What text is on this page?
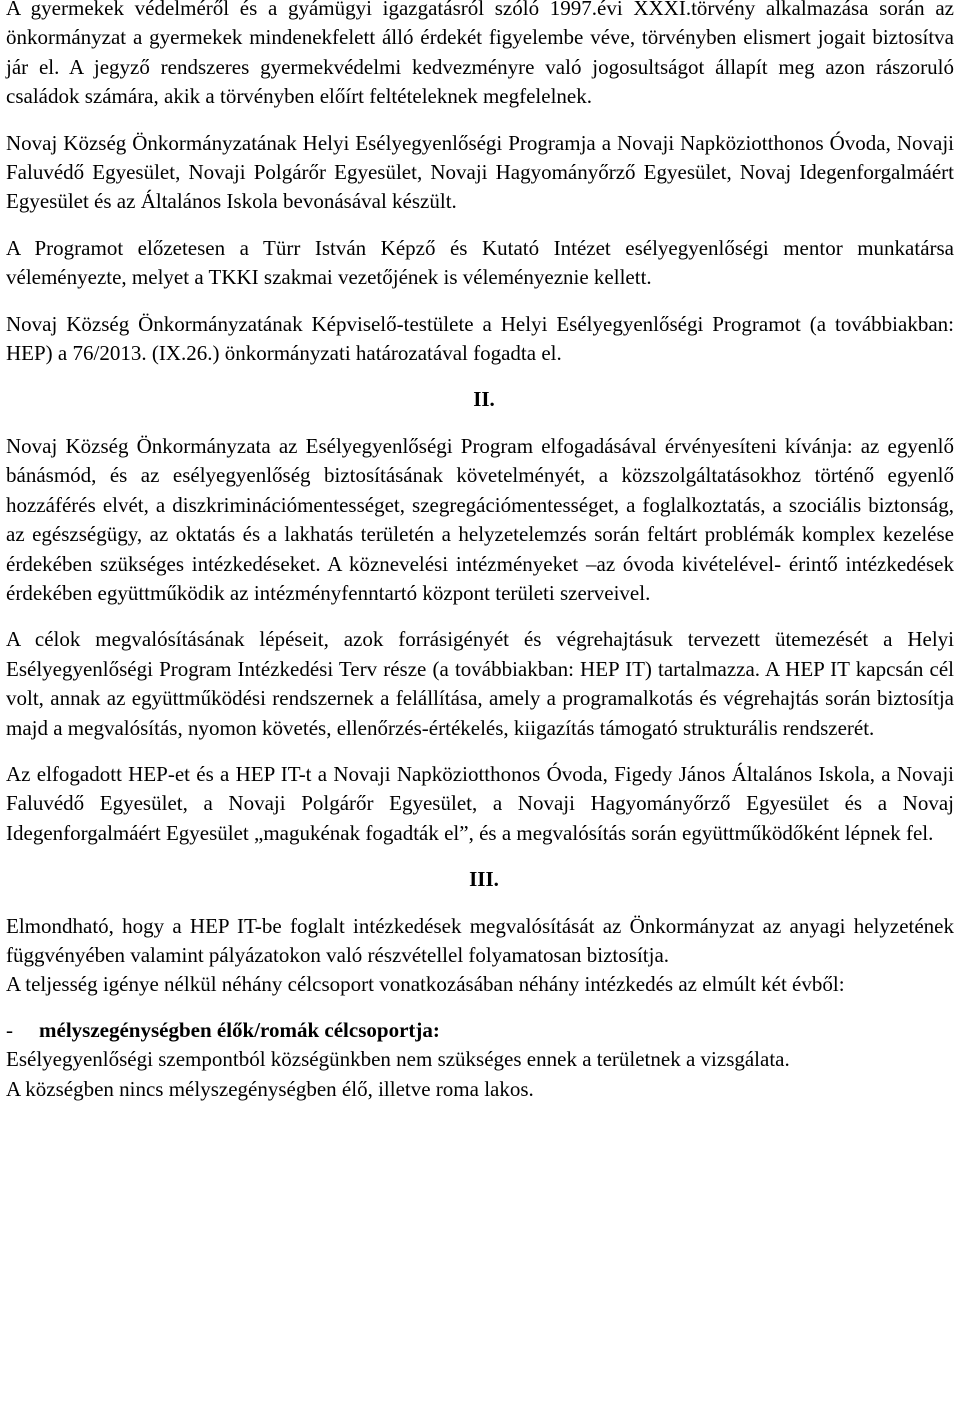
A gyermekek védelméről és a gyámügyi igazgatásról szóló 1997.évi XXXI.törvény alkalmazása során az önkormányzat a gyermekek mindenekfelett álló érdekét figyelembe véve, törvényben elismert jogait biztosítva jár el. A jegyző rendszeres gyermekvédelmi kedvezményre való jogosultságot állapít meg azon rászoruló családok számára, akik a törvényben előírt feltételeknek megfelelnek.

Novaj Község Önkormányzatának Helyi Esélyegyenlőségi Programja a Novaji Napköziotthonos Óvoda, Novaji Faluvédő Egyesület, Novaji Polgárőr Egyesület, Novaji Hagyományőrző Egyesület, Novaj Idegenforgalmáért Egyesület és az Általános Iskola bevonásával készült.

A Programot előzetesen a Türr István Képző és Kutató Intézet esélyegyenlőségi mentor munkatársa véleményezte, melyet a TKKI szakmai vezetőjének is véleményeznie kellett.

Novaj Község Önkormányzatának Képviselő-testülete a Helyi Esélyegyenlőségi Programot (a továbbiakban: HEP) a 76/2013. (IX.26.) önkormányzati határozatával fogadta el.

II.

Novaj Község Önkormányzata az Esélyegyenlőségi Program elfogadásával érvényesíteni kívánja: az egyenlő bánásmód, és az esélyegyenlőség biztosításának követelményét, a közszolgáltatásokhoz történő egyenlő hozzáférés elvét, a diszkriminációmentességet, szegregációmentességet, a foglalkoztatás, a szociális biztonság, az egészségügy, az oktatás és a lakhatás területén a helyzetelemzés során feltárt problémák komplex kezelése érdekében szükséges intézkedéseket. A köznevelési intézményeket –az óvoda kivételével- érintő intézkedések érdekében együttműködik az intézményfenntartó központ területi szerveivel.

A célok megvalósításának lépéseit, azok forrásigényét és végrehajtásuk tervezett ütemezését a Helyi Esélyegyenlőségi Program Intézkedési Terv része (a továbbiakban: HEP IT) tartalmazza. A HEP IT kapcsán cél volt, annak az együttműködési rendszernek a felállítása, amely a programalkotás és végrehajtás során biztosítja majd a megvalósítás, nyomon követés, ellenőrzés-értékelés, kiigazítás támogató strukturális rendszerét.

Az elfogadott HEP-et és a HEP IT-t a Novaji Napköziotthonos Óvoda, Figedy János Általános Iskola, a Novaji Faluvédő Egyesület, a Novaji Polgárőr Egyesület, a Novaji Hagyományőrző Egyesület és a Novaj Idegenforgalmáért Egyesület „magukénak fogadták el”, és a megvalósítás során együttműködőként lépnek fel.

III.

Elmondható, hogy a HEP IT-be foglalt intézkedések megvalósítását az Önkormányzat az anyagi helyzetének függvényében valamint pályázatokon való részvétellel folyamatosan biztosítja.

A teljesség igénye nélkül néhány célcsoport vonatkozásában néhány intézkedés az elmúlt két évből:

- mélyszegénységben élők/romák célcsoportja:

Esélyegyenlőségi szempontból községünkben nem szükséges ennek a területnek a vizsgálata.

A községben nincs mélyszegénységben élő, illetve roma lakos.
